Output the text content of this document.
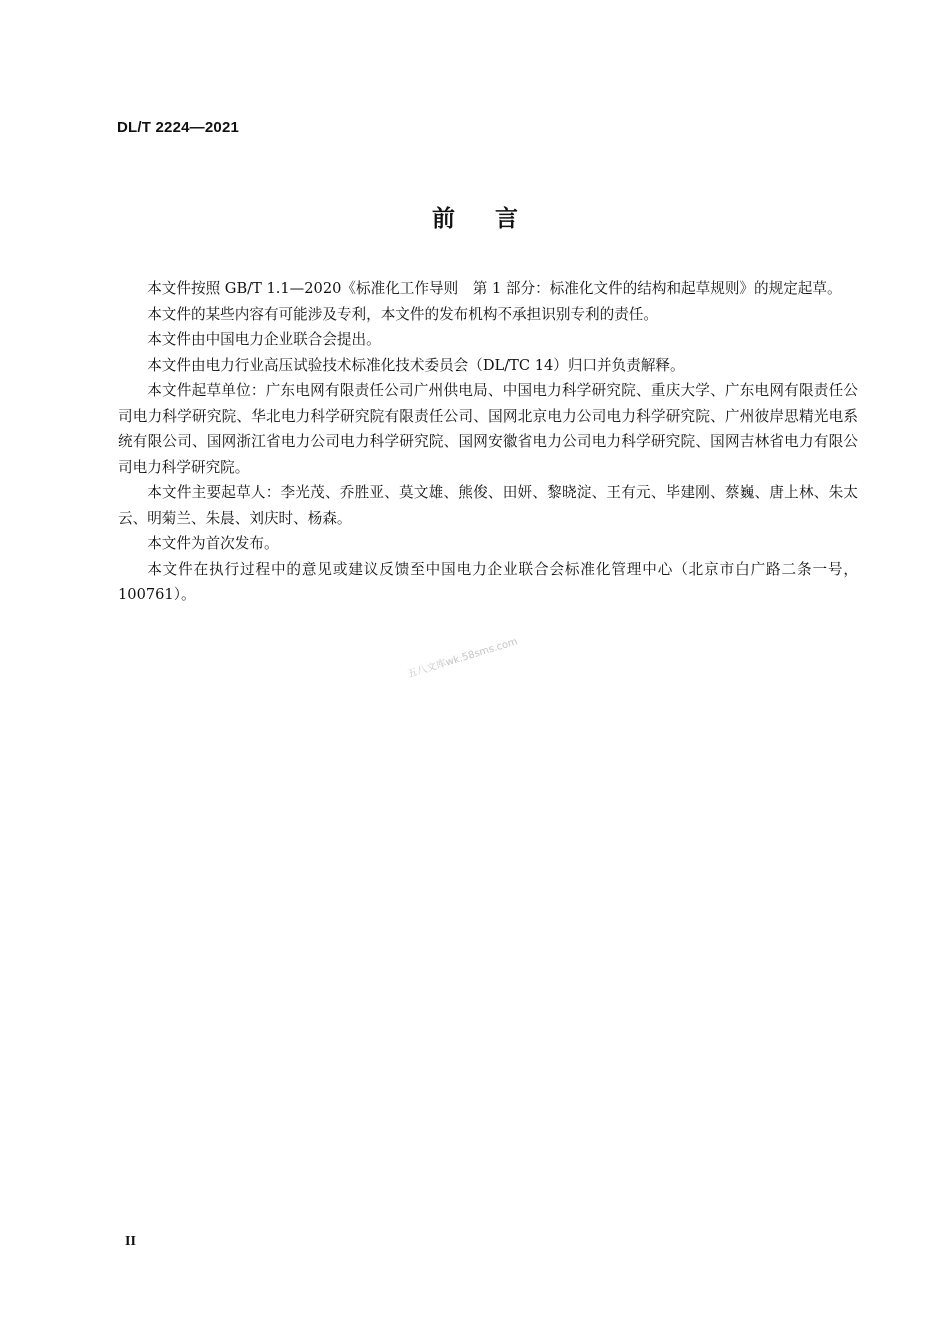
DL/T 2224—2021
前言

本文件按照 GB/T 1.1—2020《标准化工作导则　第 1 部分：标准化文件的结构和起草规则》的规定起草。

本文件的某些内容有可能涉及专利，本文件的发布机构不承担识别专利的责任。

本文件由中国电力企业联合会提出。

本文件由电力行业高压试验技术标准化技术委员会（DL/TC 14）归口并负责解释。

本文件起草单位：广东电网有限责任公司广州供电局、中国电力科学研究院、重庆大学、广东电网有限责任公司电力科学研究院、华北电力科学研究院有限责任公司、国网北京电力公司电力科学研究院、广州彼岸思精光电系统有限公司、国网浙江省电力公司电力科学研究院、国网安徽省电力公司电力科学研究院、国网吉林省电力有限公司电力科学研究院。

本文件主要起草人：李光茂、乔胜亚、莫文雄、熊俊、田妍、黎晓淀、王有元、毕建刚、蔡巍、唐上林、朱太云、明菊兰、朱晨、刘庆时、杨森。

本文件为首次发布。

本文件在执行过程中的意见或建议反馈至中国电力企业联合会标准化管理中心（北京市白广路二条一号，100761）。

五八文库wk.58sms.com
II
